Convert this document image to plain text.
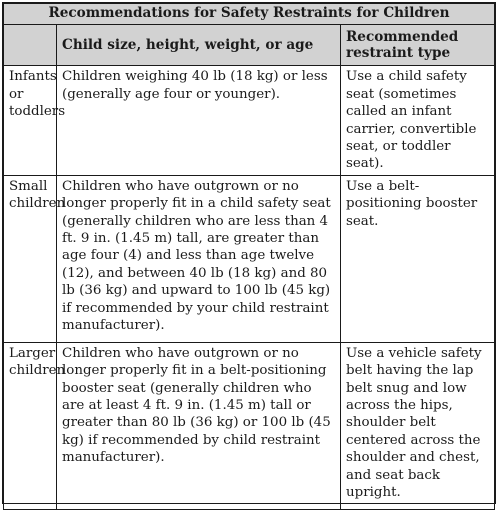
Recommendations for Safety Restraints for Children		
	Child size, height, weight, or age	Recommended restraint type
Infants or toddlers	Children weighing 40 lb (18 kg) or less (generally age four or younger).	Use a child safety seat (sometimes called an infant carrier, convertible seat, or toddler seat).
Small children	Children who have outgrown or no longer properly fit in a child safety seat (generally children who are less than 4 ft. 9 in. (1.45 m) tall, are greater than age four (4) and less than age twelve (12), and between 40 lb (18 kg) and 80 lb (36 kg) and upward to 100 lb (45 kg) if recommended by your child restraint manufacturer).	Use a belt-positioning booster seat.
Larger children	Children who have outgrown or no longer properly fit in a belt-positioning booster seat (generally children who are at least 4 ft. 9 in. (1.45 m) tall or greater than 80 lb (36 kg) or 100 lb (45 kg) if recommended by child restraint manufacturer).	Use a vehicle safety belt having the lap belt snug and low across the hips, shoulder belt centered across the shoulder and chest, and seat back upright.
